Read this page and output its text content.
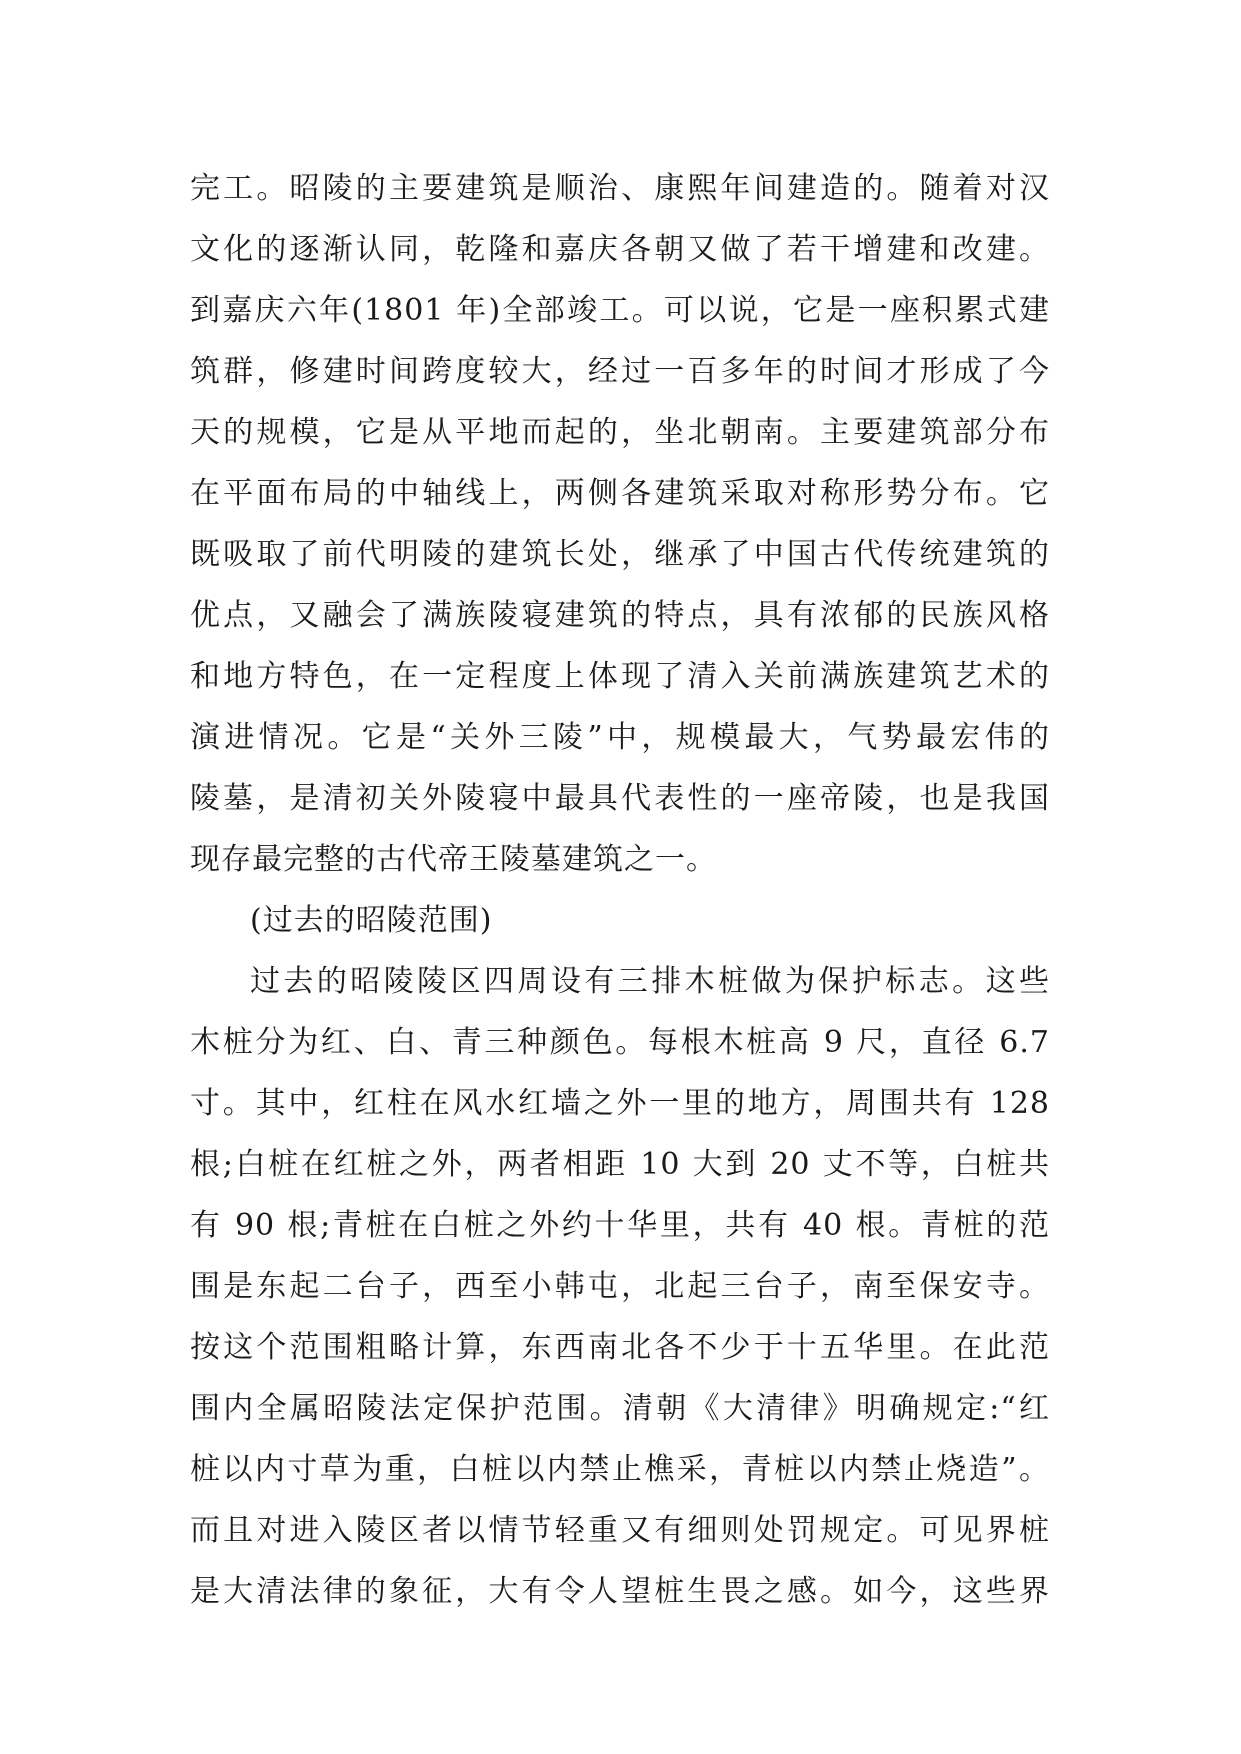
完工。昭陵的主要建筑是顺治、康熙年间建造的。随着对汉
文化的逐渐认同，乾隆和嘉庆各朝又做了若干增建和改建。
到嘉庆六年(1801 年)全部竣工。可以说，它是一座积累式建
筑群，修建时间跨度较大，经过一百多年的时间才形成了今
天的规模，它是从平地而起的，坐北朝南。主要建筑部分布
在平面布局的中轴线上，两侧各建筑采取对称形势分布。它
既吸取了前代明陵的建筑长处，继承了中国古代传统建筑的
优点，又融会了满族陵寝建筑的特点，具有浓郁的民族风格
和地方特色，在一定程度上体现了清入关前满族建筑艺术的
演进情况。它是“关外三陵”中，规模最大，气势最宏伟的
陵墓，是清初关外陵寝中最具代表性的一座帝陵，也是我国
现存最完整的古代帝王陵墓建筑之一。
(过去的昭陵范围)
过去的昭陵陵区四周设有三排木桩做为保护标志。这些
木桩分为红、白、青三种颜色。每根木桩高 9 尺，直径 6.7
寸。其中，红柱在风水红墙之外一里的地方，周围共有 128
根;白桩在红桩之外，两者相距 10 大到 20 丈不等，白桩共
有 90 根;青桩在白桩之外约十华里，共有 40 根。青桩的范
围是东起二台子，西至小韩屯，北起三台子，南至保安寺。
按这个范围粗略计算，东西南北各不少于十五华里。在此范
围内全属昭陵法定保护范围。清朝《大清律》明确规定:“红
桩以内寸草为重，白桩以内禁止樵采，青桩以内禁止烧造”。
而且对进入陵区者以情节轻重又有细则处罚规定。可见界桩
是大清法律的象征，大有令人望桩生畏之感。如今，这些界
